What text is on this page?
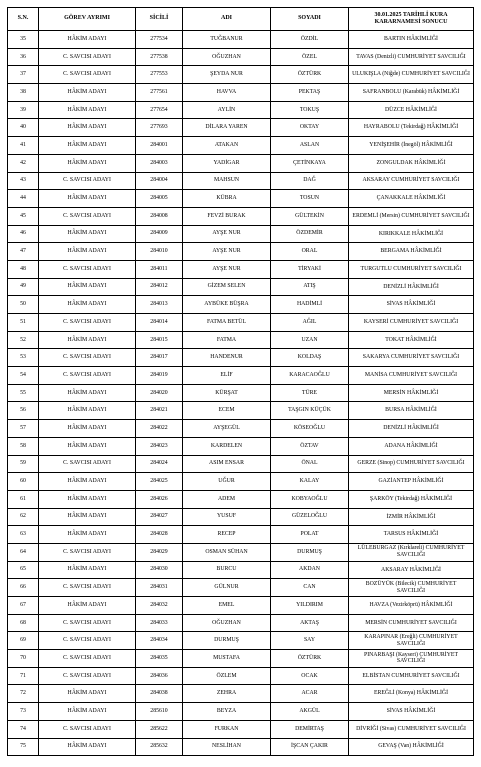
S.N.	GÖREV AYRIMI	SİCİLİ	ADI	SOYADI	30.01.2025 TARİHLİ KURA KARARNAMESİ SONUCU
35	HÂKİM ADAYI	277534	TUĞBANUR	ÖZDİL	BARTIN HÂKİMLİĞİ
36	C. SAVCISI ADAYI	277538	OĞUZHAN	ÖZEL	TAVAS (Denizli) CUMHURİYET SAVCILIĞI
37	C. SAVCISI ADAYI	277553	ŞEYDA NUR	ÖZTÜRK	ULUKIŞLA (Niğde) CUMHURİYET SAVCILIĞI
38	HÂKİM ADAYI	277561	HAVVA	PEKTAŞ	SAFRANBOLU (Karabük) HÂKİMLİĞİ
39	HÂKİM ADAYI	277654	AYLİN	TOKUŞ	DÜZCE HÂKİMLİĞİ
40	HÂKİM ADAYI	277693	DİLARA YAREN	OKTAY	HAYRABOLU (Tekirdağ) HÂKİMLİĞİ
41	HÂKİM ADAYI	284001	ATAKAN	ASLAN	YENİŞEHİR (İnegöl) HÂKİMLİĞİ
42	HÂKİM ADAYI	284003	YADİGAR	ÇETİNKAYA	ZONGULDAK HÂKİMLİĞİ
43	C. SAVCISI ADAYI	284004	MAHSUN	DAĞ	AKSARAY CUMHURİYET SAVCILIĞI
44	HÂKİM ADAYI	284005	KÜBRA	TOSUN	ÇANAKKALE HÂKİMLİĞİ
45	C. SAVCISI ADAYI	284008	FEVZİ BURAK	GÜLTEKİN	ERDEMLİ (Mersin) CUMHURİYET SAVCILIĞI
46	HÂKİM ADAYI	284009	AYŞE NUR	ÖZDEMİR	KIRIKKALE HÂKİMLİĞİ
47	HÂKİM ADAYI	284010	AYŞE NUR	ORAL	BERGAMA HÂKİMLİĞİ
48	C. SAVCISI ADAYI	284011	AYŞE NUR	TİRYAKİ	TURGUTLU CUMHURİYET SAVCILIĞI
49	HÂKİM ADAYI	284012	GİZEM SELEN	ATIŞ	DENİZLİ HÂKİMLİĞİ
50	HÂKİM ADAYI	284013	AYBÜKE BÜŞRA	HADİMLİ	SİVAS HÂKİMLİĞİ
51	C. SAVCISI ADAYI	284014	FATMA BETÜL	AĞIL	KAYSERİ CUMHURİYET SAVCILIĞI
52	HÂKİM ADAYI	284015	FATMA	UZAN	TOKAT HÂKİMLİĞİ
53	C. SAVCISI ADAYI	284017	HANDENUR	KOLDAŞ	SAKARYA CUMHURİYET SAVCILIĞI
54	C. SAVCISI ADAYI	284019	ELİF	KARACAOĞLU	MANİSA CUMHURİYET SAVCILIĞI
55	HÂKİM ADAYI	284020	KÜRŞAT	TÜRE	MERSİN HÂKİMLİĞİ
56	HÂKİM ADAYI	284021	ECEM	TAŞGIN KÜÇÜK	BURSA HÂKİMLİĞİ
57	HÂKİM ADAYI	284022	AYŞEGÜL	KÖSEOĞLU	DENİZLİ HÂKİMLİĞİ
58	HÂKİM ADAYI	284023	KARDELEN	ÖZTAV	ADANA HÂKİMLİĞİ
59	C. SAVCISI ADAYI	284024	ASIM ENSAR	ÖNAL	GERZE (Sinop) CUMHURİYET SAVCILIĞI
60	HÂKİM ADAYI	284025	UĞUR	KALAY	GAZİANTEP HÂKİMLİĞİ
61	HÂKİM ADAYI	284026	ADEM	KOBYAOĞLU	ŞARKÖY (Tekirdağ) HÂKİMLİĞİ
62	HÂKİM ADAYI	284027	YUSUF	GÜZELOĞLU	İZMİR HÂKİMLİĞİ
63	HÂKİM ADAYI	284028	RECEP	POLAT	TARSUS HÂKİMLİĞİ
64	C. SAVCISI ADAYI	284029	OSMAN SÜHAN	DURMUŞ	LÜLEBURGAZ (Kırklareli) CUMHURİYET SAVCILIĞI
65	HÂKİM ADAYI	284030	BURCU	AKDAN	AKSARAY HÂKİMLİĞİ
66	C. SAVCISI ADAYI	284031	GÜLNUR	CAN	BOZÜYÜK (Bilecik) CUMHURİYET SAVCILIĞI
67	HÂKİM ADAYI	284032	EMEL	YILDIRIM	HAVZA (Vezirköprü) HÂKİMLİĞİ
68	C. SAVCISI ADAYI	284033	OĞUZHAN	AKTAŞ	MERSİN CUMHURİYET SAVCILIĞI
69	C. SAVCISI ADAYI	284034	DURMUŞ	SAY	KARAPINAR (Ereğli) CUMHURİYET SAVCILIĞI
70	C. SAVCISI ADAYI	284035	MUSTAFA	ÖZTÜRK	PINARBAŞI (Kayseri) CUMHURİYET SAVCILIĞI
71	C. SAVCISI ADAYI	284036	ÖZLEM	OCAK	ELBİSTAN CUMHURİYET SAVCILIĞI
72	HÂKİM ADAYI	284038	ZEHRA	ACAR	EREĞLİ (Konya) HÂKİMLİĞİ
73	HÂKİM ADAYI	285610	BEYZA	AKGÜL	SİVAS HÂKİMLİĞİ
74	C. SAVCISI ADAYI	285622	FURKAN	DEMİRTAŞ	DİVRİĞİ (Sivas) CUMHURİYET SAVCILIĞI
75	HÂKİM ADAYI	285632	NESLİHAN	İŞCAN ÇAKIR	GEVAŞ (Van) HÂKİMLİĞİ
